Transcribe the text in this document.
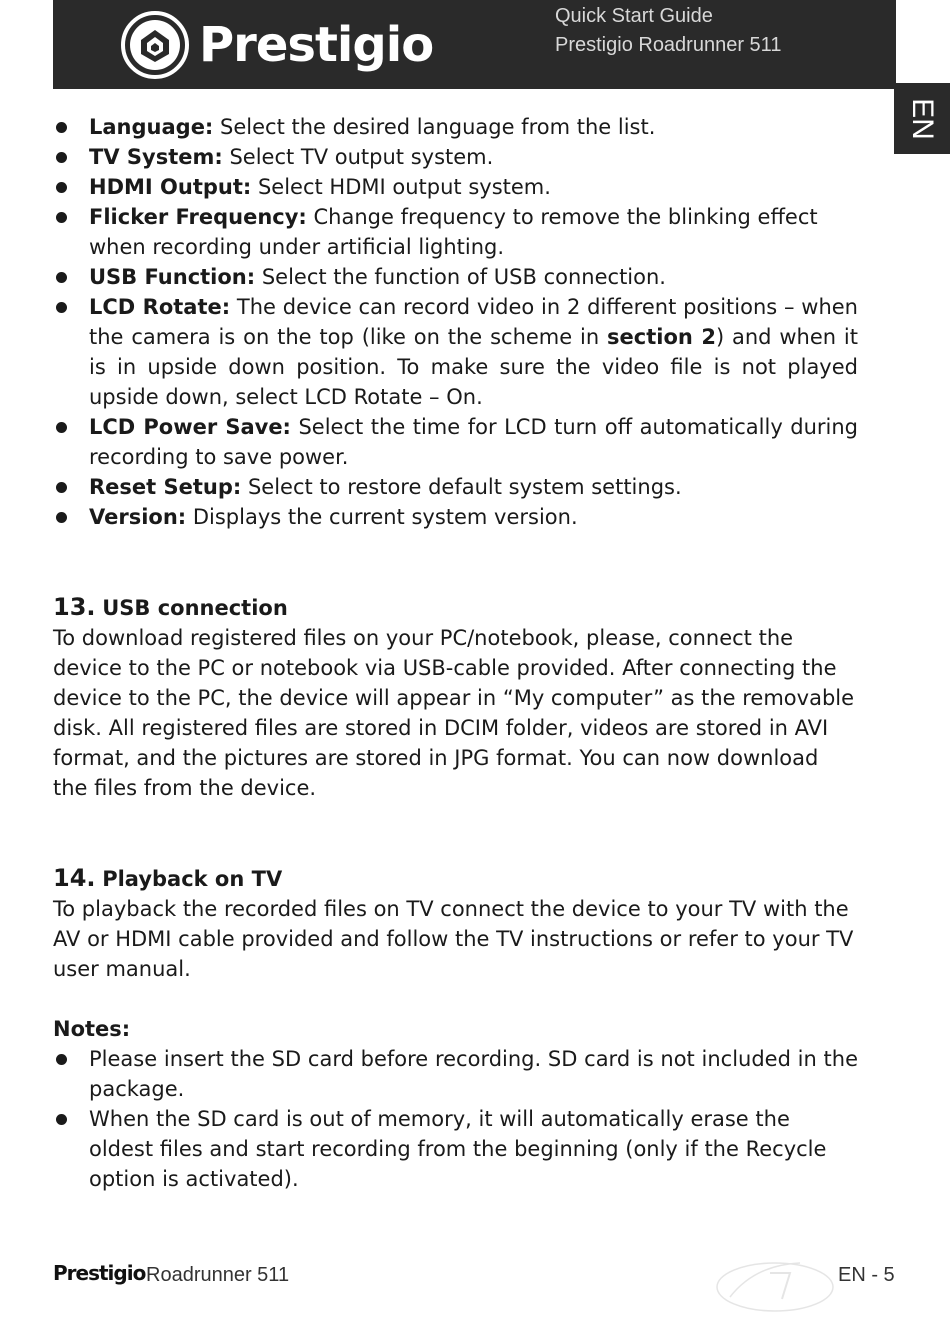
Prestigio
Quick Start Guide
Prestigio Roadrunner 511
EN
Language: Select the desired language from the list.
TV System: Select TV output system.
HDMI Output: Select HDMI output system.
Flicker Frequency: Change frequency to remove the blinking effect when recording under artificial lighting.
USB Function: Select the function of USB connection.
LCD Rotate: The device can record video in 2 different positions – when the camera is on the top (like on the scheme in section 2) and when it is in upside down position. To make sure the video file is not played upside down, select LCD Rotate – On.
LCD Power Save: Select the time for LCD turn off automatically during recording to save power.
Reset Setup: Select to restore default system settings.
Version: Displays the current system version.
13. USB connection

To download registered files on your PC/notebook, please, connect the device to the PC or notebook via USB-cable provided. After connecting the device to the PC, the device will appear in “My computer” as the removable disk. All registered files are stored in DCIM folder, videos are stored in AVI format, and the pictures are stored in JPG format. You can now download the files from the device.

14. Playback on TV

To playback the recorded files on TV connect the device to your TV with the AV or HDMI cable provided and follow the TV instructions or refer to your TV user manual.

Notes:
Please insert the SD card before recording. SD card is not included in the package.
When the SD card is out of memory, it will automatically erase the oldest files and start recording from the beginning (only if the Recycle option is activated).
Prestigio Roadrunner 511	EN - 5
